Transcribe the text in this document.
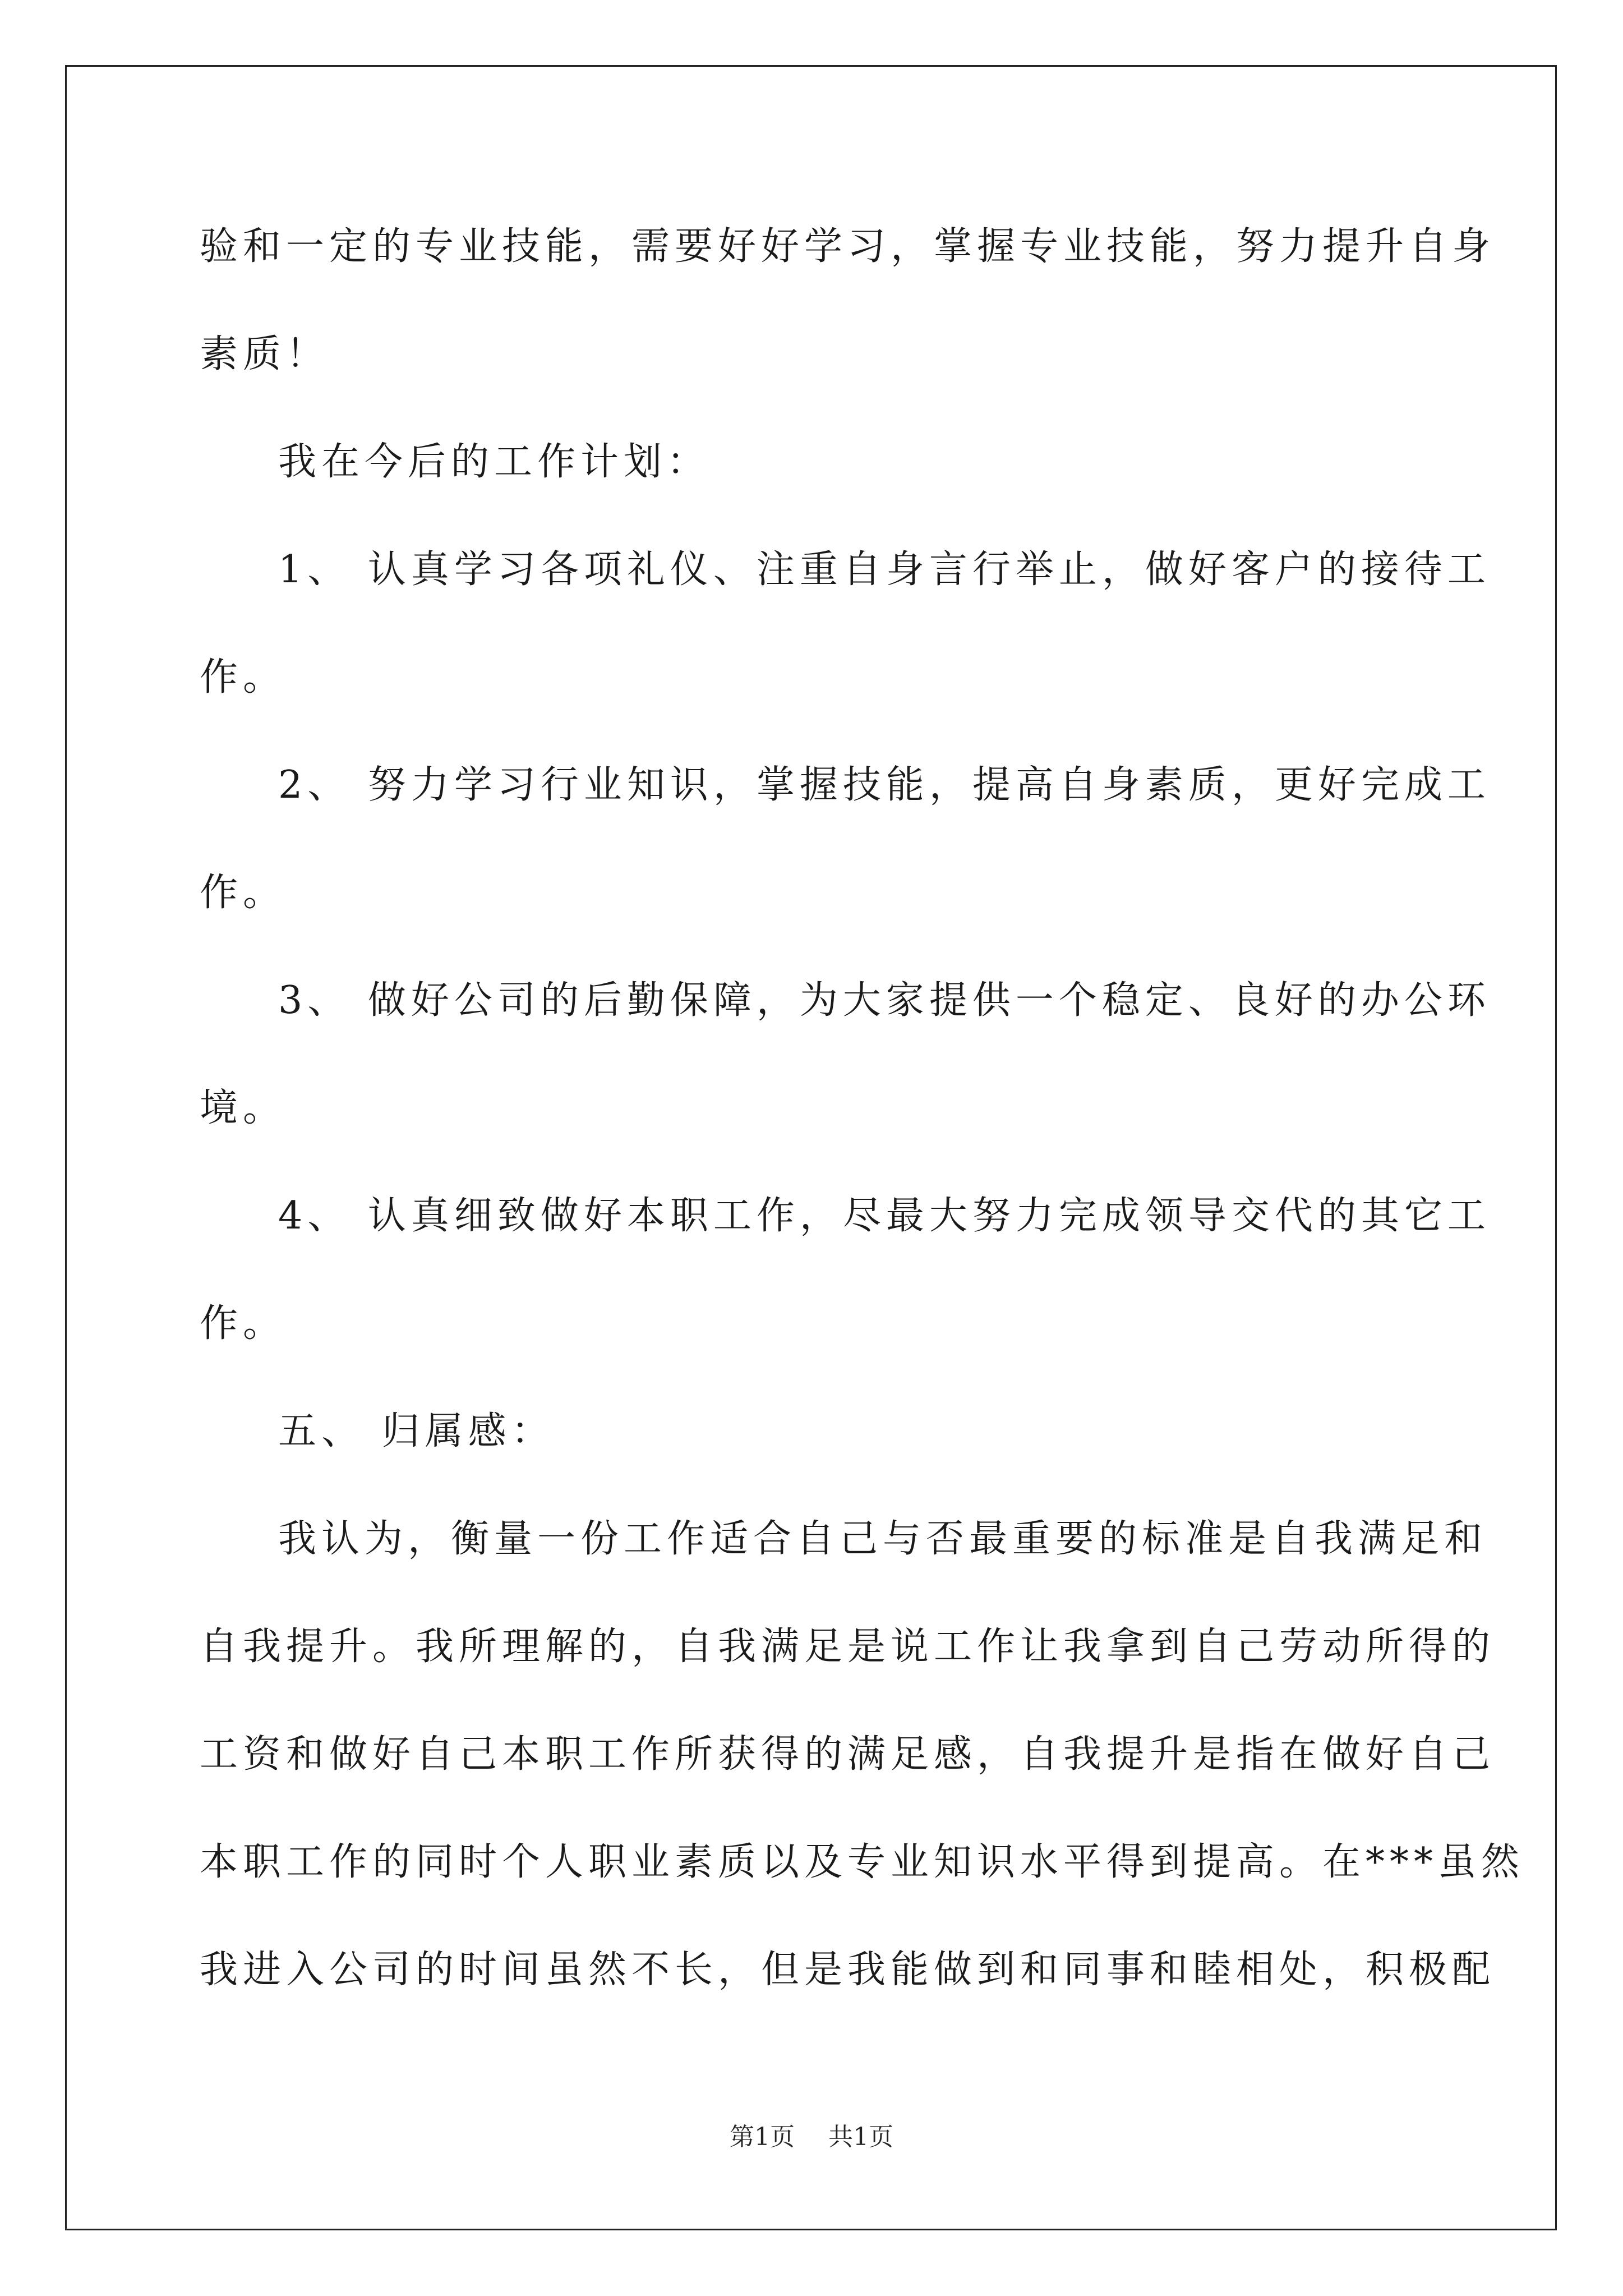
验和一定的专业技能，需要好好学习，掌握专业技能，努力提升自身
素质！
我在今后的工作计划：
1、 认真学习各项礼仪、注重自身言行举止，做好客户的接待工
作。
2、 努力学习行业知识，掌握技能，提高自身素质，更好完成工
作。
3、 做好公司的后勤保障，为大家提供一个稳定、良好的办公环
境。
4、 认真细致做好本职工作，尽最大努力完成领导交代的其它工
作。
五、 归属感：
我认为，衡量一份工作适合自己与否最重要的标准是自我满足和
自我提升。我所理解的，自我满足是说工作让我拿到自己劳动所得的
工资和做好自己本职工作所获得的满足感，自我提升是指在做好自己
本职工作的同时个人职业素质以及专业知识水平得到提高。在***虽然
我进入公司的时间虽然不长，但是我能做到和同事和睦相处，积极配
第1页 共1页
